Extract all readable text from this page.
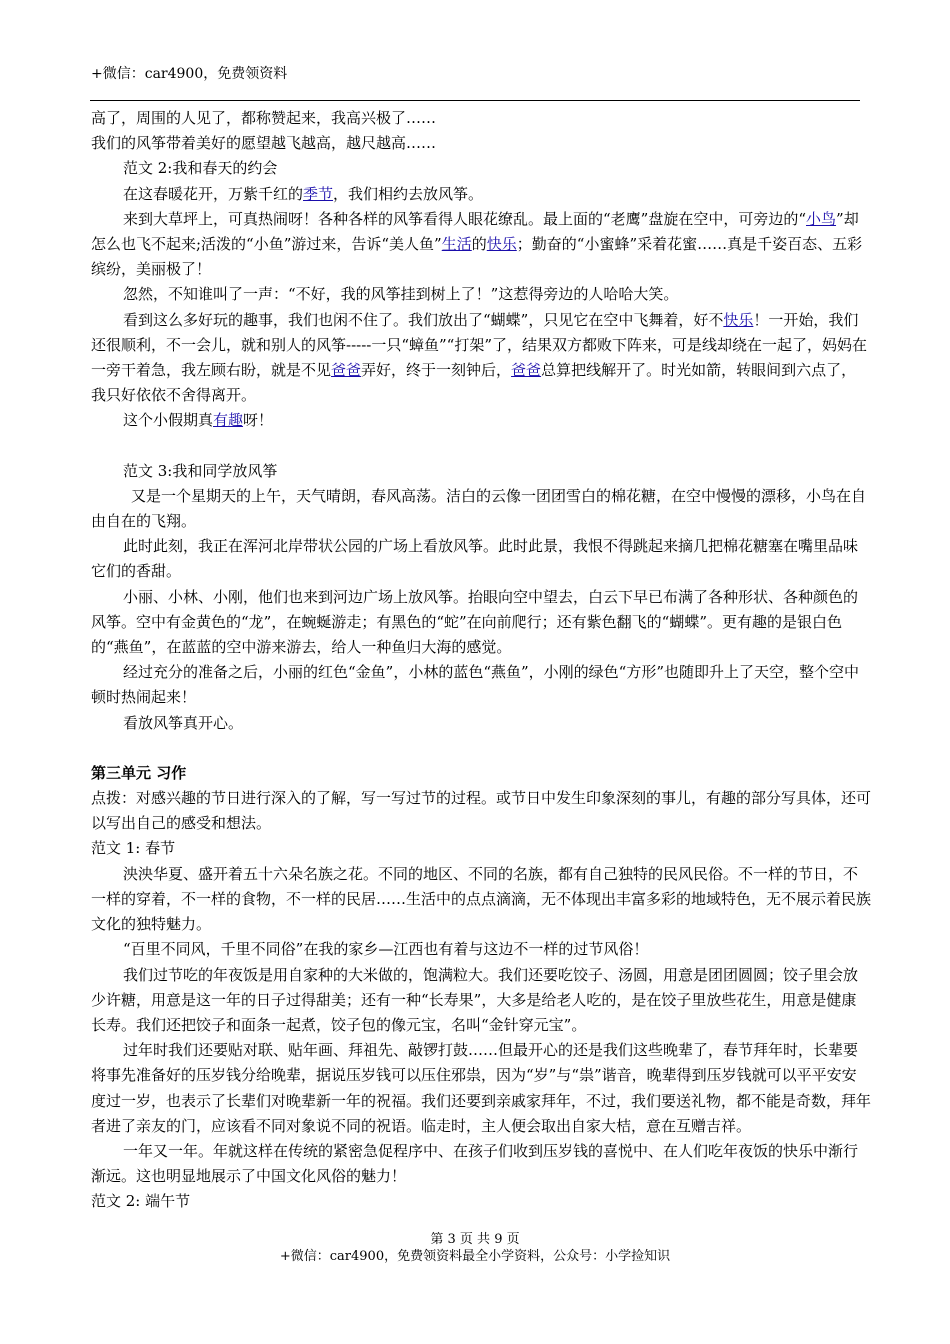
+微信：car4900，免费领资料

高了，周围的人见了，都称赞起来，我高兴极了……

我们的风筝带着美好的愿望越飞越高，越尺越高……

范文 2:我和春天的约会

在这春暖花开，万紫千红的季节，我们相约去放风筝。

来到大草坪上，可真热闹呀！各种各样的风筝看得人眼花缭乱。最上面的“老鹰”盘旋在空中，可旁边的“小鸟”却怎么也飞不起来;活泼的“小鱼”游过来，告诉“美人鱼”生活的快乐；勤奋的“小蜜蜂”采着花蜜……真是千姿百态、五彩缤纷，美丽极了！

忽然，不知谁叫了一声：“不好，我的风筝挂到树上了！”这惹得旁边的人哈哈大笑。

看到这么多好玩的趣事，我们也闲不住了。我们放出了“蝴蝶”，只见它在空中飞舞着，好不快乐！一开始，我们还很顺利，不一会儿，就和别人的风筝-----一只“蟑鱼”“打架”了，结果双方都败下阵来，可是线却绕在一起了，妈妈在一旁干着急，我左顾右盼，就是不见爸爸弄好，终于一刻钟后，爸爸总算把线解开了。时光如箭，转眼间到六点了，我只好依依不舍得离开。

这个小假期真有趣呀！

范文 3:我和同学放风筝

又是一个星期天的上午，天气晴朗，春风高荡。洁白的云像一团团雪白的棉花糖，在空中慢慢的漂移，小鸟在自由自在的飞翔。

此时此刻，我正在浑河北岸带状公园的广场上看放风筝。此时此景，我恨不得跳起来摘几把棉花糖塞在嘴里品味它们的香甜。

小丽、小林、小刚，他们也来到河边广场上放风筝。抬眼向空中望去，白云下早已布满了各种形状、各种颜色的风筝。空中有金黄色的“龙”，在蜿蜒游走；有黑色的“蛇”在向前爬行；还有紫色翻飞的“蝴蝶”。更有趣的是银白色的“燕鱼”，在蓝蓝的空中游来游去，给人一种鱼归大海的感觉。

经过充分的准备之后，小丽的红色“金鱼”，小林的蓝色“燕鱼”，小刚的绿色“方形”也随即升上了天空，整个空中顿时热闹起来！

看放风筝真开心。

第三单元 习作

点拨：对感兴趣的节日进行深入的了解，写一写过节的过程。或节日中发生印象深刻的事儿，有趣的部分写具体，还可以写出自己的感受和想法。

范文 1: 春节

泱泱华夏、盛开着五十六朵名族之花。不同的地区、不同的名族，都有自己独特的民风民俗。不一样的节日，不一样的穿着，不一样的食物，不一样的民居……生活中的点点滴滴，无不体现出丰富多彩的地域特色，无不展示着民族文化的独特魅力。

“百里不同风，千里不同俗”在我的家乡—江西也有着与这边不一样的过节风俗！

我们过节吃的年夜饭是用自家种的大米做的，饱满粒大。我们还要吃饺子、汤圆，用意是团团圆圆；饺子里会放少许糖，用意是这一年的日子过得甜美；还有一种“长寿果”，大多是给老人吃的，是在饺子里放些花生，用意是健康长寿。我们还把饺子和面条一起煮，饺子包的像元宝，名叫“金针穿元宝”。

过年时我们还要贴对联、贴年画、拜祖先、敲锣打鼓……但最开心的还是我们这些晚辈了，春节拜年时，长辈要将事先准备好的压岁钱分给晚辈，据说压岁钱可以压住邪祟，因为“岁”与“祟”谐音，晚辈得到压岁钱就可以平平安安度过一岁，也表示了长辈们对晚辈新一年的祝福。我们还要到亲戚家拜年，不过，我们要送礼物，都不能是奇数，拜年者进了亲友的门，应该看不同对象说不同的祝语。临走时，主人便会取出自家大桔，意在互赠吉祥。

一年又一年。年就这样在传统的紧密急促程序中、在孩子们收到压岁钱的喜悦中、在人们吃年夜饭的快乐中渐行渐远。这也明显地展示了中国文化风俗的魅力！

范文 2: 端午节

第 3 页 共 9 页
+微信：car4900，免费领资料最全小学资料，公众号：小学捡知识
